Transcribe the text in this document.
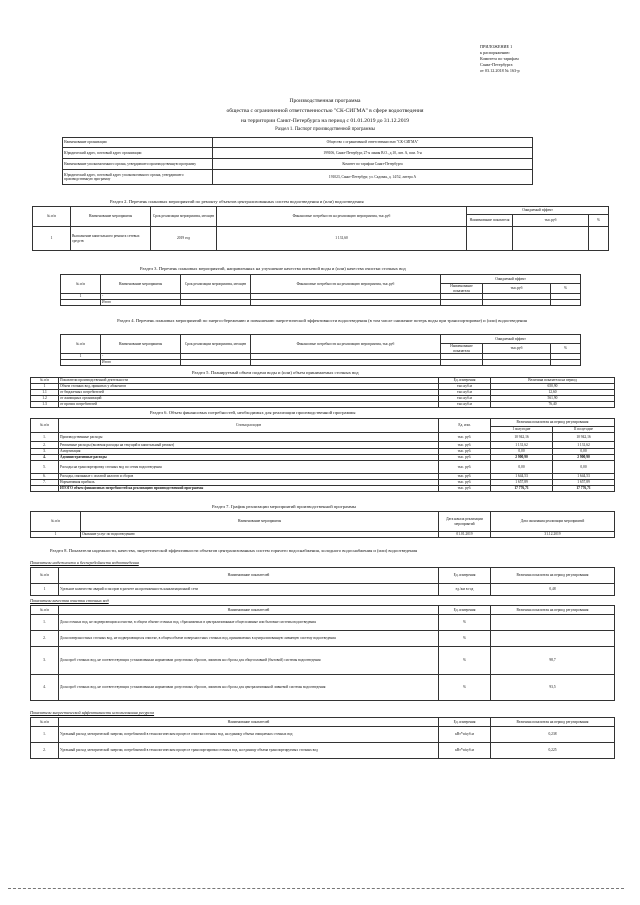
ПРИЛОЖЕНИЕ 1
к распоряжению
Комитета по тарифам
Санкт-Петербурга
от 03.12.2018 № 163-р
Производственная программа
общества с ограниченной ответственностью "СК-СИГМА" в сфере водоотведения
на территории Санкт-Петербурга на период с 01.01.2019 до 31.12.2019
Раздел 1. Паспорт производственной программы
Наименование организации	Общество с ограниченной ответственностью "СК-СИГМА"
Юридический адрес, почтовый адрес организации	199106, Санкт-Петербург, 27-я линия В.О., д.10, лит. А, пом. 5-н
Наименование уполномоченного органа, утвердившего производственную программу	Комитет по тарифам Санкт-Петербурга
Юридический адрес, почтовый адрес уполномоченного органа, утвердившего производственную программу	191023, Санкт-Петербург, ул. Садовая, д. 14/52, литера А
Раздел 2. Перечень плановых мероприятий по ремонту объектов централизованных систем водоотведения и (или) водоотведения
№ п/п	Наименование мероприятия	Срок реализации мероприятия, месяцев	Финансовые потребности на реализацию мероприятия, тыс.руб	Ожидаемый эффект		
				Наименование показателя	тыс.руб	%
1	Выполнение капитального ремонта сетевых средств	2019 год	1 131,60			
Раздел 3. Перечень плановых мероприятий, направленных на улучшение качества питьевой воды и (или) качества очистки сточных вод
№ п/п	Наименование мероприятия	Срок реализации мероприятия, месяцев	Финансовые потребности на реализацию мероприятия, тыс.руб	Ожидаемый эффект		
				Наименование показателя	тыс.руб	%
1	-					
	Итого					
Раздел 4. Перечень плановых мероприятий по энергосбережению и повышению энергетической эффективности водоотведения (в том числе снижение потерь воды при транспортировке) и (или) водоотведения
№ п/п	Наименование мероприятия	Срок реализации мероприятия, месяцев	Финансовые потребности на реализацию мероприятия, тыс.руб	Ожидаемый эффект		
				Наименование показателя	тыс.руб	%
1	-					
	Итого					
Раздел 5. Планируемый объем подачи воды и (или) объем принимаемых сточных вод
№ п/п	Показатели производственной деятельности	Ед. измерения	Величина показателя на период
1	Объем сточных вод, принятых у абонентов	тыс.куб.м	650,90
1.1	от бюджетных потребителей	тыс.куб.м	12,60
1.2	от жилищных организаций	тыс.куб.м	561,90
1.3	от прочих потребителей	тыс.куб.м	76,40
Раздел 6. Объем финансовых потребностей, необходимых для реализации производственной программы
№ п/п	Статьи расходов	Ед. изм.	Величина показателя на период регулирования	
			I полугодие	II полугодие
1.	Производственные расходы	тыс. руб.	10 942,16	10 942,16
2.	Ремонтные расходы (включая расходы на текущий и капитальный ремонт)	тыс. руб.	1 131,62	1 131,62
3.	Амортизация	тыс. руб.	0,00	0,00
4.	Административные расходы	тыс. руб.	2 900,90	2 900,90
5.	Расходы на транспортировку сточных вод по сетям водоотведения	тыс. руб.	0,00	0,00
6.	Расходы, связанные с оплатой налогов и сборов	тыс. руб.	1 644,53	1 644,53
7.	Нормативная прибыль	тыс. руб.	1 657,89	1 657,89
	ИТОГО объем финансовых потребностей на реализацию производственной программы	тыс. руб.	17 776,71	17 776,71
Раздел 7. График реализации мероприятий производственной программы
№ п/п	Наименование мероприятия	Дата начала реализации мероприятий	Дата окончания реализации мероприятий
1	Оказание услуг по водоотведению	01.01.2019	31.12.2019
Раздел 8. Показатели надежности, качества, энергетической эффективности объектов централизованных систем горячего водоснабжения, холодного водоснабжения и (или) водоотведения
Показатели надежности и бесперебойности водоотведения
№ п/п	Наименование показателей	Ед. измерения	Величина показателя на период регулирования
1	Удельное количество аварий и засоров в расчете на протяженность канализационной сети	ед./км в год	0,48
Показатели качества очистки сточных вод
№ п/п	Наименование показателей	Ед. измерения	Величина показателя на период регулирования
1.	Доля сточных вод, не подвергающихся очистке, в общем объеме сточных вод, сбрасываемых в централизованные общесплавные или бытовые системы водоотведения	%	
2.	Доля поверхностных сточных вод, не подвергающихся очистке, в общем объеме поверхностных сточных вод, принимаемых в централизованную ливневую систему водоотведения	%	
3.	Доля проб сточных вод, не соответствующих установленным нормативам допустимых сбросов, лимитам на сбросы для общесплавной (бытовой) системы водоотведения	%	98,7
4.	Доля проб сточных вод, не соответствующих установленным нормативам допустимых сбросов, лимитам на сбросы для централизованной ливневой системы водоотведения	%	93,5
Показатели энергетической эффективности использования ресурсов
№ п/п	Наименование показателей	Ед. измерения	Величина показателя на период регулирования
1.	Удельный расход электрической энергии, потребляемой в технологическом процессе очистки сточных вод, на единицу объема очищаемых сточных вод	кВт*ч/куб.м	0,238
2.	Удельный расход электрической энергии, потребляемой в технологическом процессе транспортировки сточных вод, на единицу объема транспортируемых сточных вод	кВт*ч/куб.м	0,225
